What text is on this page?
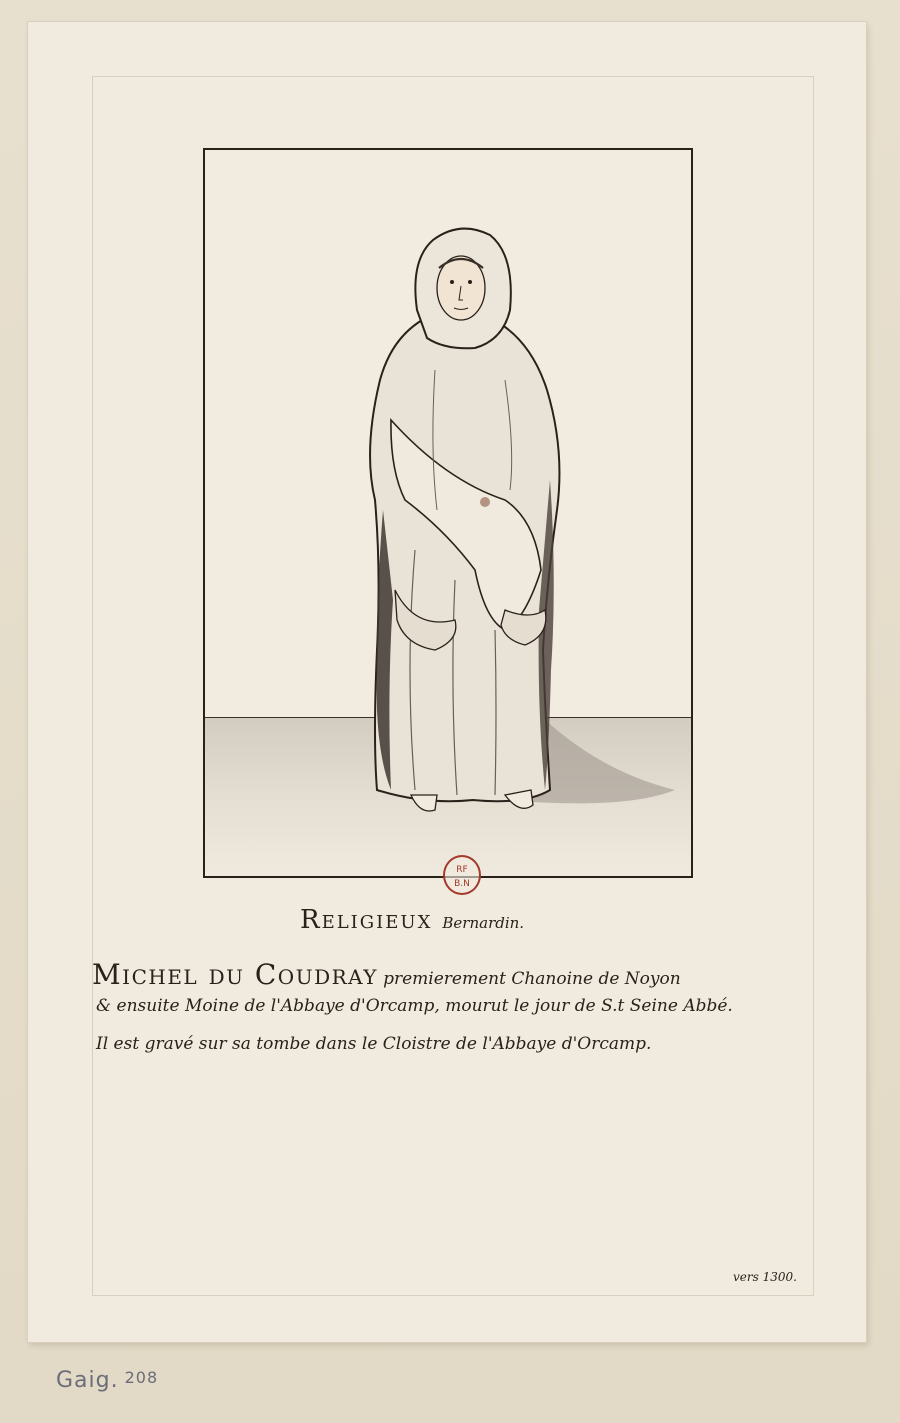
RF
B.N
Religieux Bernardin.
Michel du Coudray premierement Chanoine de Noyon
& ensuite Moine de l'Abbaye d'Orcamp, mourut le jour de S.t Seine Abbé.
Il est gravé sur sa tombe dans le Cloistre de l'Abbaye d'Orcamp.
vers 1300.
Gaig. 208
